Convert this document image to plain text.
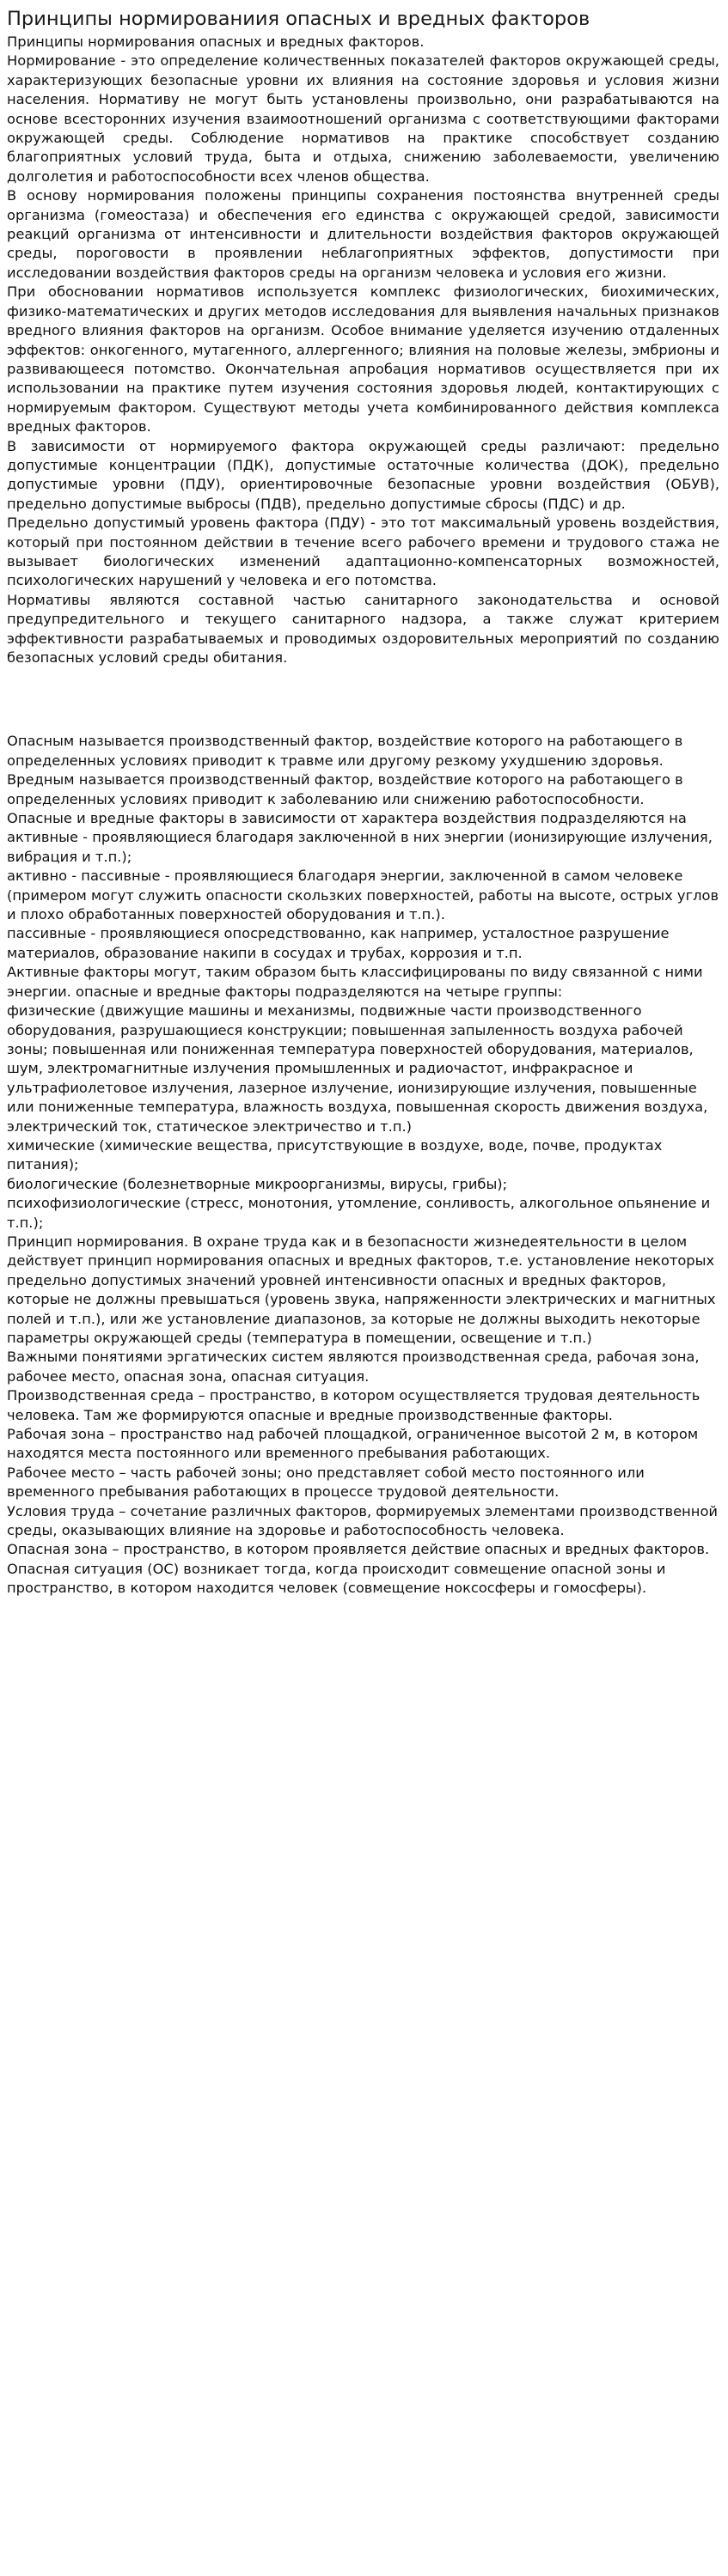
Принципы нормированиия опасных и вредных факторов

Принципы нормирования опасных и вредных факторов.

Нормирование - это определение количественных показателей факторов окружающей среды, характеризующих безопасные уровни их влияния на состояние здоровья и условия жизни населения. Нормативу не могут быть установлены произвольно, они разрабатываются на основе всесторонних изучения взаимоотношений организма с соответствующими факторами окружающей среды. Соблюдение нормативов на практике способствует созданию благоприятных условий труда, быта и отдыха, снижению заболеваемости, увеличению долголетия и работоспособности всех членов общества.

В основу нормирования положены принципы сохранения постоянства внутренней среды организма (гомеостаза) и обеспечения его единства с окружающей средой, зависимости реакций организма от интенсивности и длительности воздействия факторов окружающей среды, пороговости в проявлении неблагоприятных эффектов, допустимости при исследовании воздействия факторов среды на организм человека и условия его жизни.

При обосновании нормативов используется комплекс физиологических, биохимических, физико-математических и других методов исследования для выявления начальных признаков вредного влияния факторов на организм. Особое внимание уделяется изучению отдаленных эффектов: онкогенного, мутагенного, аллергенного; влияния на половые железы, эмбрионы и развивающееся потомство. Окончательная апробация нормативов осуществляется при их использовании на практике путем изучения состояния здоровья людей, контактирующих с нормируемым фактором. Существуют методы учета комбинированного действия комплекса вредных факторов.

В зависимости от нормируемого фактора окружающей среды различают: предельно допустимые концентрации (ПДК), допустимые остаточные количества (ДОК), предельно допустимые уровни (ПДУ), ориентировочные безопасные уровни воздействия (ОБУВ), предельно допустимые выбросы (ПДВ), предельно допустимые сбросы (ПДС) и др.

Предельно допустимый уровень фактора (ПДУ) - это тот максимальный уровень воздействия, который при постоянном действии в течение всего рабочего времени и трудового стажа не вызывает биологических изменений адаптационно-компенсаторных возможностей, психологических нарушений у человека и его потомства.

Нормативы являются составной частью санитарного законодательства и основой предупредительного и текущего санитарного надзора, а также служат критерием эффективности разрабатываемых и проводимых оздоровительных мероприятий по созданию безопасных условий среды обитания.

Опасным называется производственный фактор, воздействие которого на работающего в определенных условиях приводит к травме или другому резкому ухудшению здоровья.

Вредным называется производственный фактор, воздействие которого на работающего в определенных условиях приводит к заболеванию или снижению работоспособности.

Опасные и вредные факторы в зависимости от характера воздействия подразделяются на

активные - проявляющиеся благодаря заключенной в них энергии (ионизирующие излучения, вибрация и т.п.);

активно - пассивные - проявляющиеся благодаря энергии, заключенной в самом человеке (примером могут служить опасности скользких поверхностей, работы на высоте, острых углов и плохо обработанных поверхностей оборудования и т.п.).

пассивные - проявляющиеся опосредствованно, как например, усталостное разрушение материалов, образование накипи в сосудах и трубах, коррозия и т.п.

Активные факторы могут, таким образом быть классифицированы по виду связанной с ними энергии. опасные и вредные факторы подразделяются на четыре группы:

физические (движущие машины и механизмы, подвижные части производственного оборудования, разрушающиеся конструкции; повышенная запыленность воздуха рабочей зоны; повышенная или пониженная температура поверхностей оборудования, материалов, шум, электромагнитные излучения промышленных и радиочастот, инфракрасное и ультрафиолетовое излучения, лазерное излучение, ионизирующие излучения, повышенные или пониженные температура, влажность воздуха, повышенная скорость движения воздуха, электрический ток, статическое электричество и т.п.)

химические (химические вещества, присутствующие в воздухе, воде, почве, продуктах питания);

биологические (болезнетворные микроорганизмы, вирусы, грибы);

психофизиологические (стресс, монотония, утомление, сонливость, алкогольное опьянение и т.п.);

Принцип нормирования. В охране труда как и в безопасности жизнедеятельности в целом действует принцип нормирования опасных и вредных факторов, т.е. установление некоторых предельно допустимых значений уровней интенсивности опасных и вредных факторов, которые не должны превышаться (уровень звука, напряженности электрических и магнитных полей и т.п.), или же установление диапазонов, за которые не должны выходить некоторые параметры окружающей среды (температура в помещении, освещение и т.п.)

Важными понятиями эргатических систем являются производственная среда, рабочая зона, рабочее место, опасная зона, опасная ситуация.

Производственная среда – пространство, в котором осуществляется трудовая деятельность человека. Там же формируются опасные и вредные производственные факторы.

Рабочая зона – пространство над рабочей площадкой, ограниченное высотой 2 м, в котором находятся места постоянного или временного пребывания работающих.

Рабочее место – часть рабочей зоны; оно представляет собой место постоянного или временного пребывания работающих в процессе трудовой деятельности.

Условия труда – сочетание различных факторов, формируемых элементами производственной среды, оказывающих влияние на здоровье и работоспособность человека.

Опасная зона – пространство, в котором проявляется действие опасных и вредных факторов.

Опасная ситуация (ОС) возникает тогда, когда происходит совмещение опасной зоны и пространство, в котором находится человек (совмещение ноксосферы и гомосферы).
